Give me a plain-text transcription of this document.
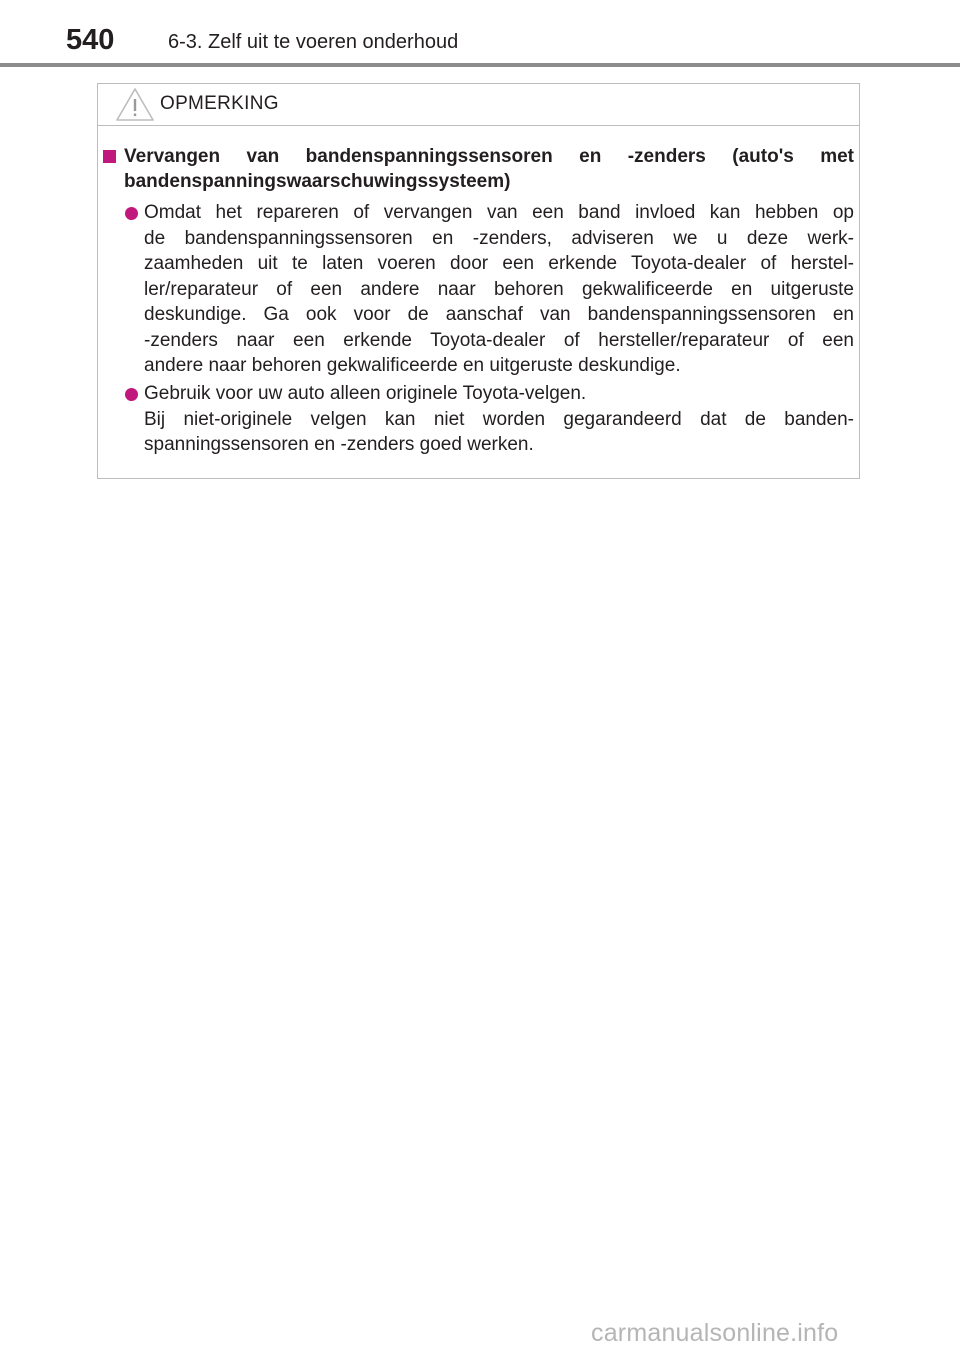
540	6-3. Zelf uit te voeren onderhoud
OPMERKING
Vervangen van bandenspanningssensoren en -zenders (auto's met bandenspanningswaarschuwingssysteem)
Omdat het repareren of vervangen van een band invloed kan hebben op
de bandenspanningssensoren en -zenders, adviseren we u deze werk-
zaamheden uit te laten voeren door een erkende Toyota-dealer of herstel-
ler/reparateur of een andere naar behoren gekwalificeerde en uitgeruste
deskundige. Ga ook voor de aanschaf van bandenspanningssensoren en
-zenders naar een erkende Toyota-dealer of hersteller/reparateur of een
andere naar behoren gekwalificeerde en uitgeruste deskundige.
Gebruik voor uw auto alleen originele Toyota-velgen.
Bij niet-originele velgen kan niet worden gegarandeerd dat de banden-
spanningssensoren en -zenders goed werken.
carmanualsonline.info
